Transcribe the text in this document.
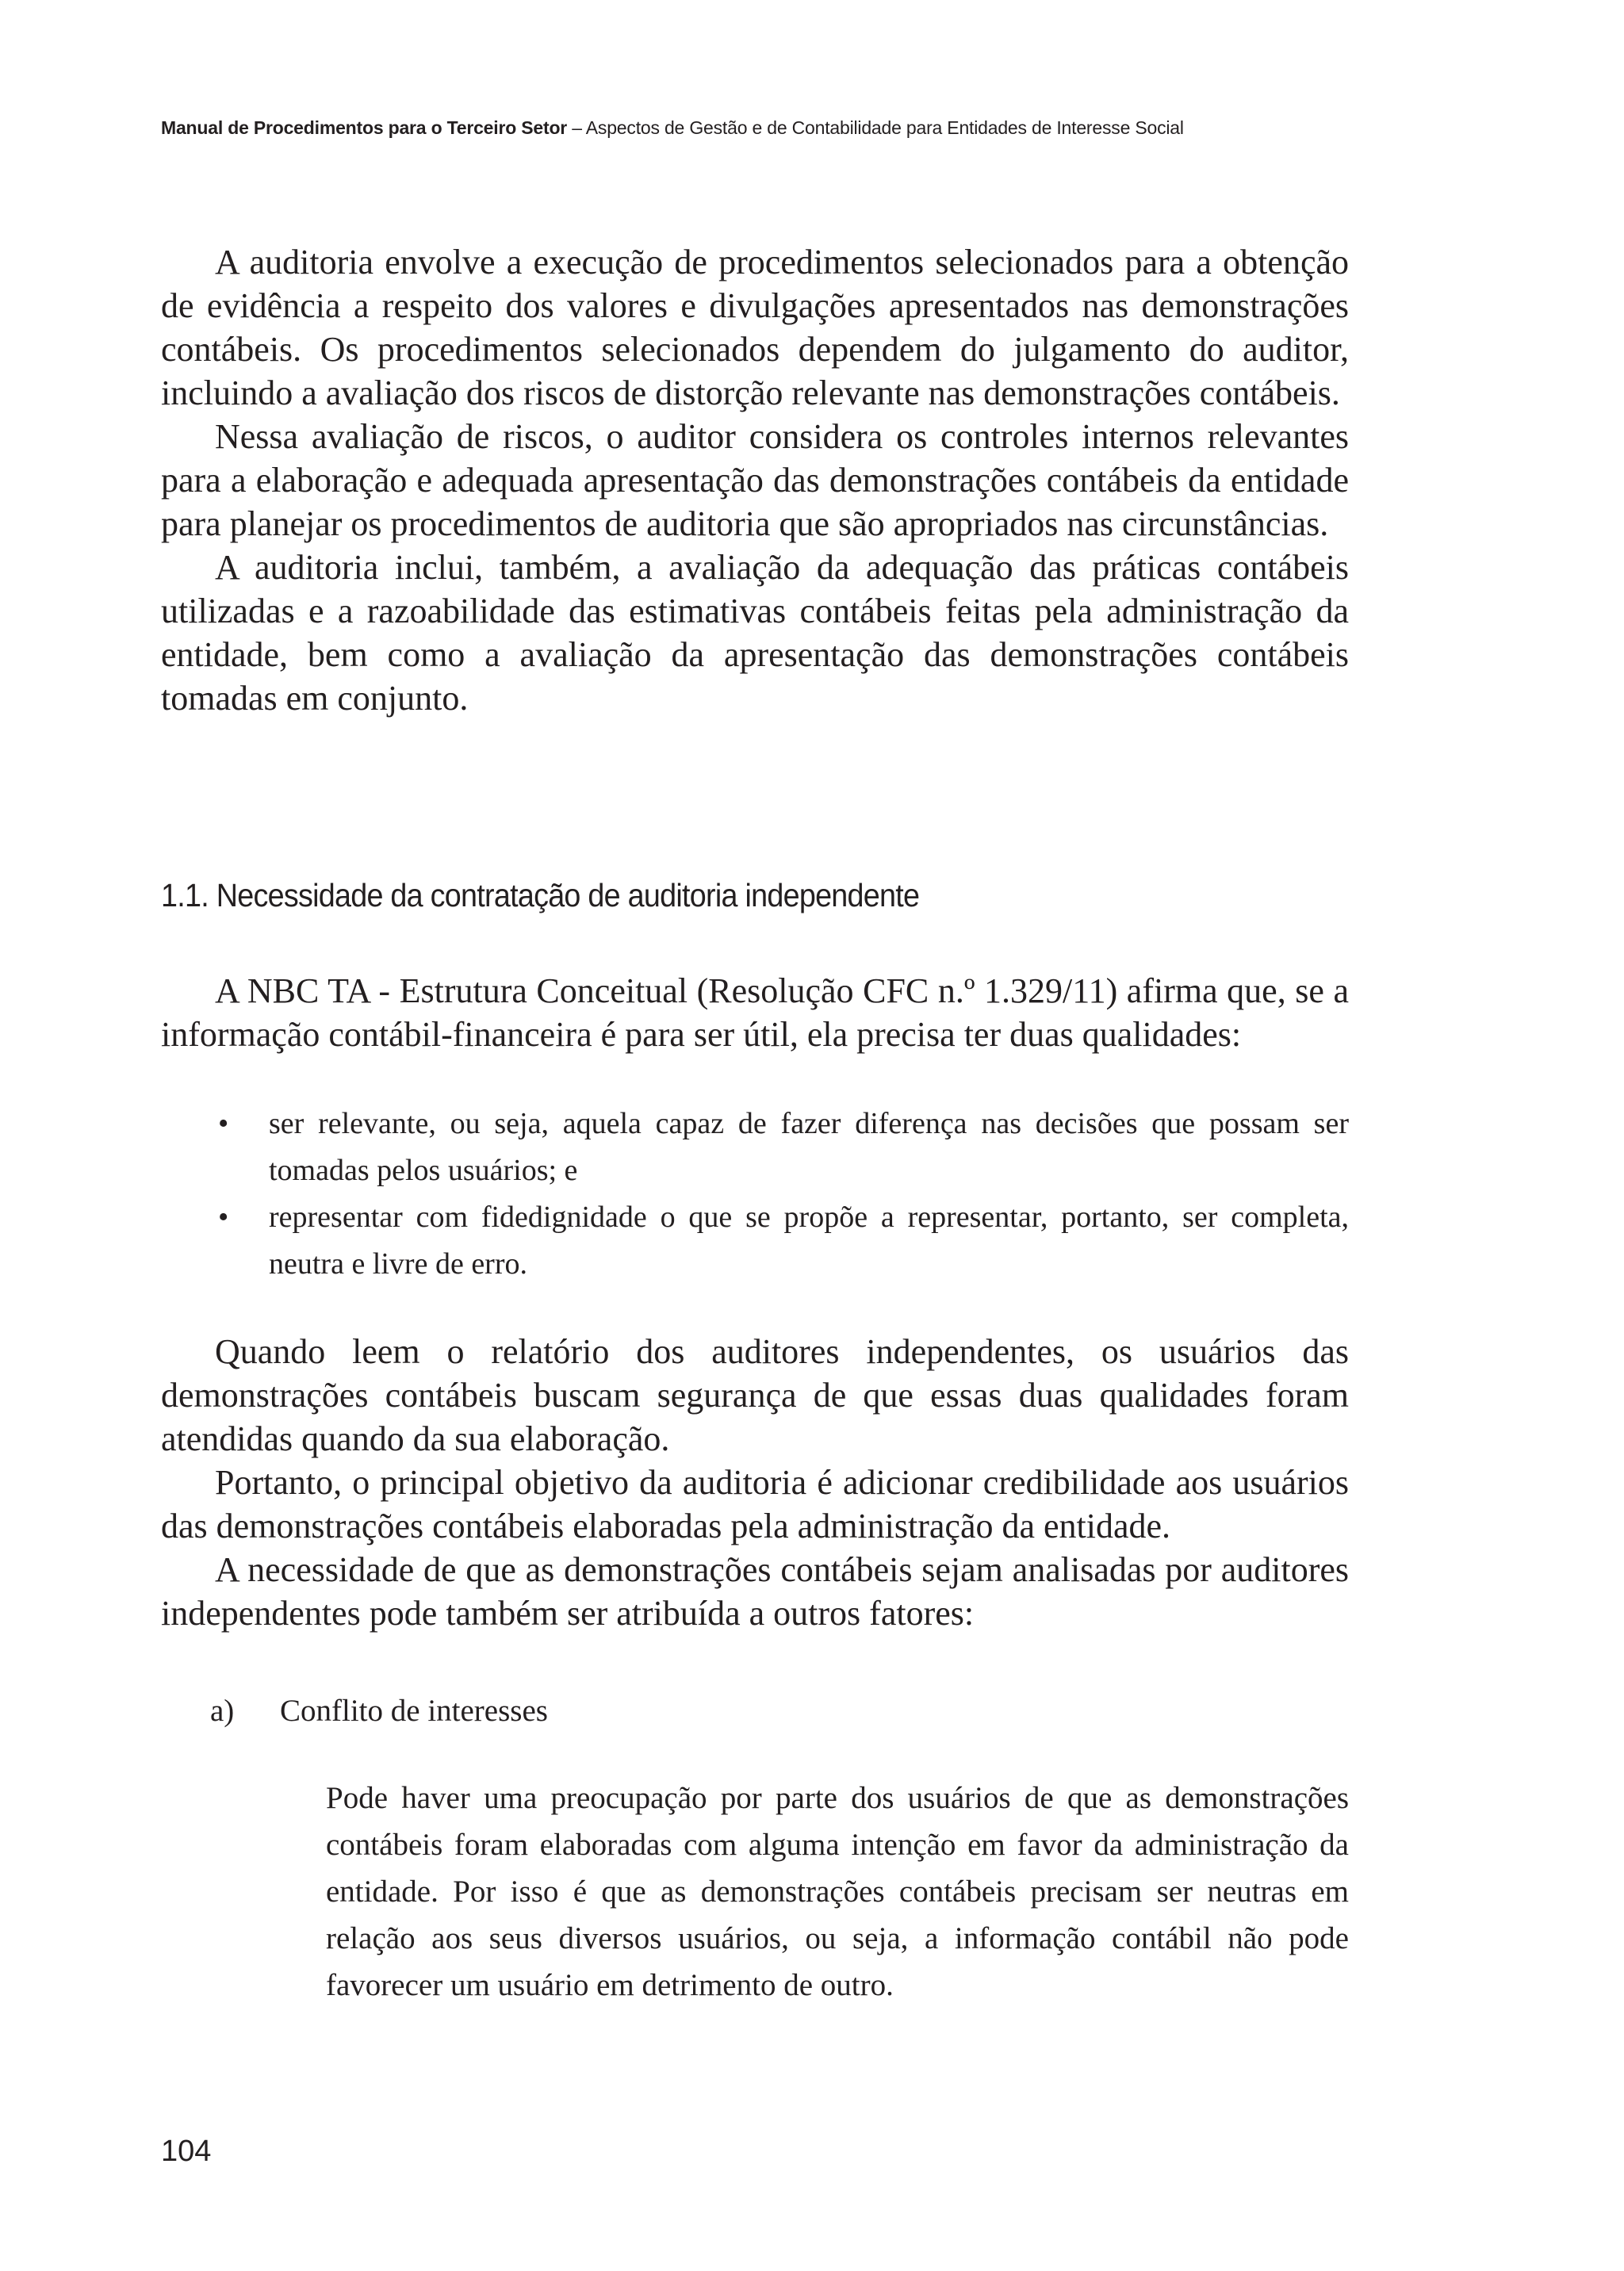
Manual de Procedimentos para o Terceiro Setor – Aspectos de Gestão e de Contabilidade para Entidades de Interesse Social

A auditoria envolve a execução de procedimentos selecionados para a obtenção de evidência a respeito dos valores e divulgações apresentados nas demonstrações contábeis. Os procedimentos selecionados dependem do julgamento do auditor, incluindo a avaliação dos riscos de distorção relevante nas demonstrações contábeis.

Nessa avaliação de riscos, o auditor considera os controles internos relevantes para a elaboração e adequada apresentação das demonstrações contábeis da entidade para planejar os procedimentos de auditoria que são apropriados nas circunstâncias.

A auditoria inclui, também, a avaliação da adequação das práticas contábeis utilizadas e a razoabilidade das estimativas contábeis feitas pela administração da entidade, bem como a avaliação da apresentação das demonstrações contábeis tomadas em conjunto.

1.1. Necessidade da contratação de auditoria independente

A NBC TA - Estrutura Conceitual (Resolução CFC n.º 1.329/11) afirma que, se a informação contábil-financeira é para ser útil, ela precisa ter duas qualidades:

• ser relevante, ou seja, aquela capaz de fazer diferença nas decisões que possam ser tomadas pelos usuários; e
• representar com fidedignidade o que se propõe a representar, portanto, ser completa, neutra e livre de erro.

Quando leem o relatório dos auditores independentes, os usuários das demonstrações contábeis buscam segurança de que essas duas qualidades foram atendidas quando da sua elaboração.

Portanto, o principal objetivo da auditoria é adicionar credibilidade aos usuários das demonstrações contábeis elaboradas pela administração da entidade.

A necessidade de que as demonstrações contábeis sejam analisadas por auditores independentes pode também ser atribuída a outros fatores:

a) Conflito de interesses
Pode haver uma preocupação por parte dos usuários de que as demonstrações contábeis foram elaboradas com alguma intenção em favor da administração da entidade. Por isso é que as demonstrações contábeis precisam ser neutras em relação aos seus diversos usuários, ou seja, a informação contábil não pode favorecer um usuário em detrimento de outro.
104
